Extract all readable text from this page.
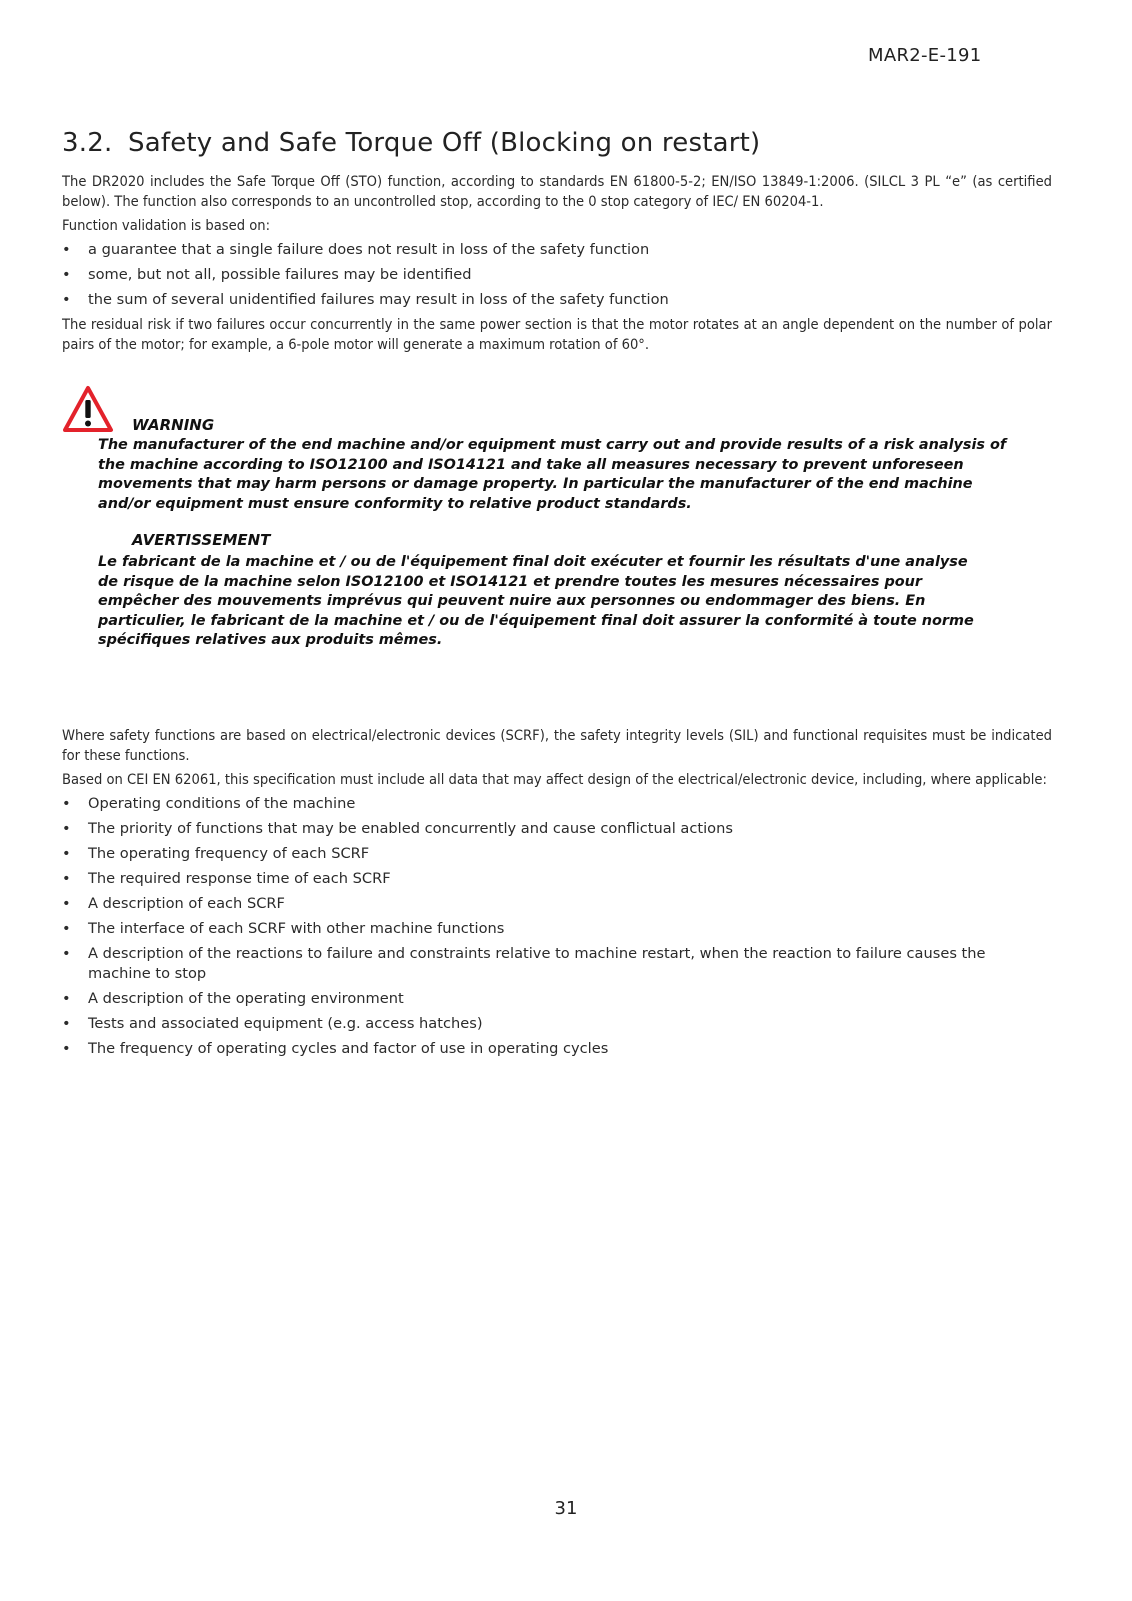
MAR2-E-191
3.2. Safety and Safe Torque Off (Blocking on restart)

The DR2020 includes the Safe Torque Off (STO) function, according to standards EN 61800-5-2; EN/ISO 13849-1:2006. (SILCL 3 PL “e” (as certified below). The function also corresponds to an uncontrolled stop, according to the 0 stop category of IEC/ EN 60204-1.

Function validation is based on:

• a guarantee that a single failure does not result in loss of the safety function
• some, but not all, possible failures may be identified
• the sum of several unidentified failures may result in loss of the safety function

The residual risk if two failures occur concurrently in the same power section is that the motor rotates at an angle dependent on the number of polar pairs of the motor; for example, a 6-pole motor will generate a maximum rotation of 60°.

WARNING

The manufacturer of the end machine and/or equipment must carry out and provide results of a risk analysis of the machine according to ISO12100 and ISO14121 and take all measures necessary to prevent unforeseen movements that may harm persons or damage property. In particular the manufacturer of the end machine and/or equipment must ensure conformity to relative product standards.

AVERTISSEMENT

Le fabricant de la machine et / ou de l'équipement final doit exécuter et fournir les résultats d'une analyse de risque de la machine selon ISO12100 et ISO14121 et prendre toutes les mesures nécessaires pour empêcher des mouvements imprévus qui peuvent nuire aux personnes ou endommager des biens. En particulier, le fabricant de la machine et / ou de l'équipement final doit assurer la conformité à toute norme spécifiques relatives aux produits mêmes.

Where safety functions are based on electrical/electronic devices (SCRF), the safety integrity levels (SIL) and functional requisites must be indicated for these functions.

Based on CEI EN 62061, this specification must include all data that may affect design of the electrical/electronic device, including, where applicable:

• Operating conditions of the machine
• The priority of functions that may be enabled concurrently and cause conflictual actions
• The operating frequency of each SCRF
• The required response time of each SCRF
• A description of each SCRF
• The interface of each SCRF with other machine functions
• A description of the reactions to failure and constraints relative to machine restart, when the reaction to failure causes the machine to stop
• A description of the operating environment
• Tests and associated equipment (e.g. access hatches)
• The frequency of operating cycles and factor of use in operating cycles
31
